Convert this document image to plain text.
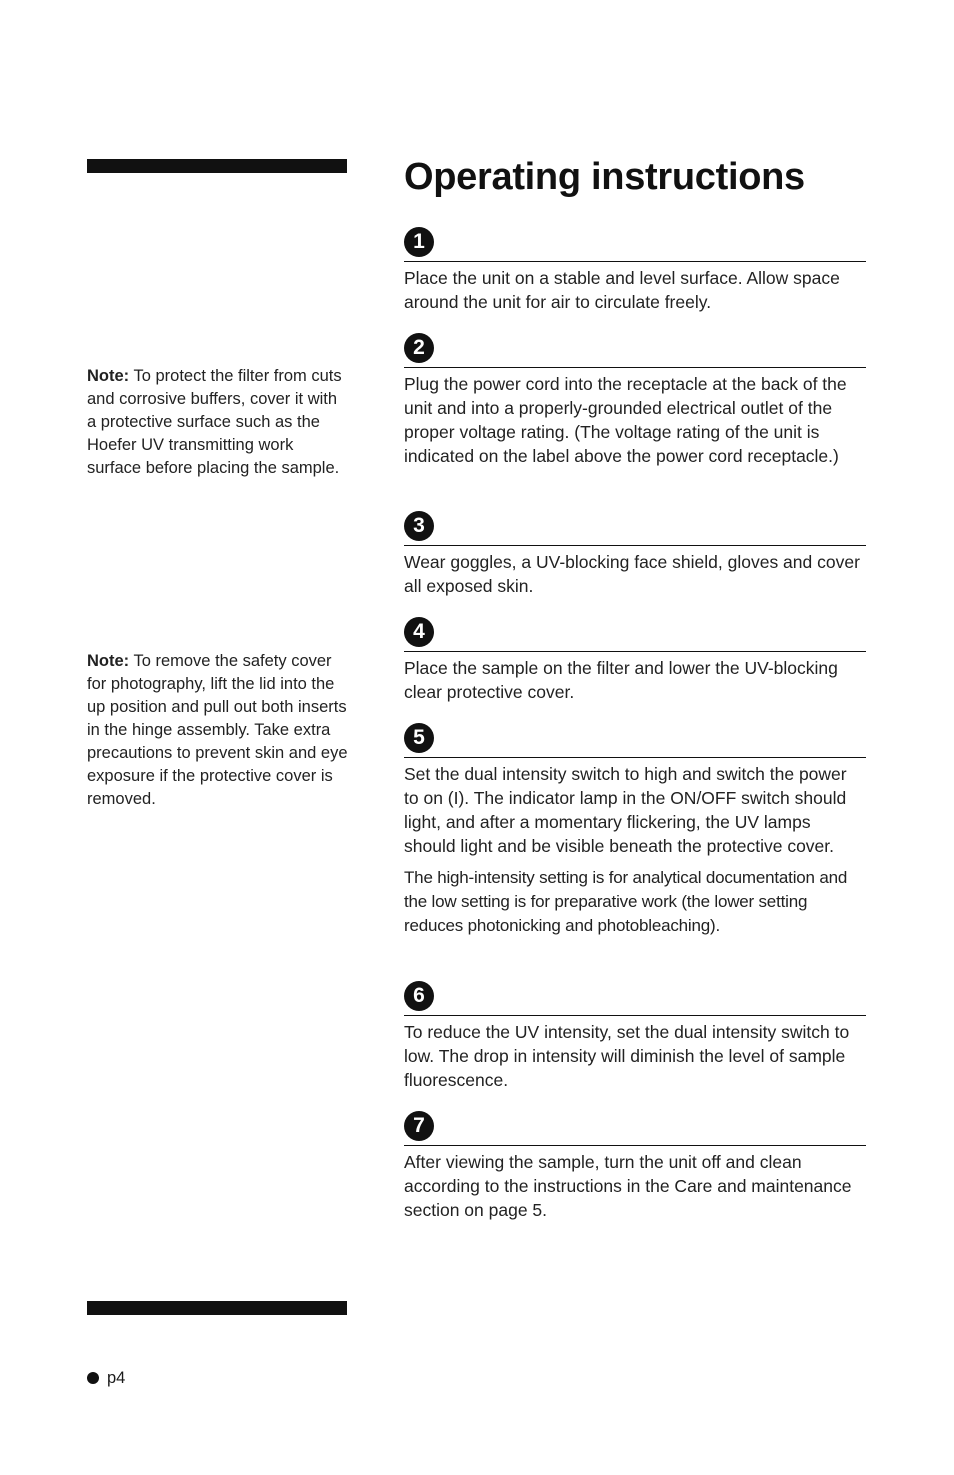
Note: To protect the filter from cuts and corrosive buffers, cover it with a protective surface such as the Hoefer UV transmitting work surface before placing the sample.
Note: To remove the safety cover for photography, lift the lid into the up position and pull out both inserts in the hinge assembly. Take extra precautions to prevent skin and eye exposure if the protective cover is removed.
p4
Operating instructions
1

Place the unit on a stable and level surface. Allow space around the unit for air to circulate freely.

2

Plug the power cord into the receptacle at the back of the unit and into a properly-grounded electrical outlet of the proper voltage rating. (The voltage rating of the unit is indicated on the label above the power cord receptacle.)

3

Wear goggles, a UV-blocking face shield, gloves and cover all exposed skin.

4

Place the sample on the filter and lower the UV-blocking clear protective cover.

5

Set the dual intensity switch to high and switch the power to on (I). The indicator lamp in the ON/OFF switch should light, and after a momentary flickering, the UV lamps should light and be visible beneath the protective cover.

The high-intensity setting is for analytical documentation and the low setting is for preparative work (the lower setting reduces photonicking and photobleaching).

6

To reduce the UV intensity, set the dual intensity switch to low. The drop in intensity will diminish the level of sample fluorescence.

7

After viewing the sample, turn the unit off and clean according to the instructions in the Care and maintenance section on page 5.
